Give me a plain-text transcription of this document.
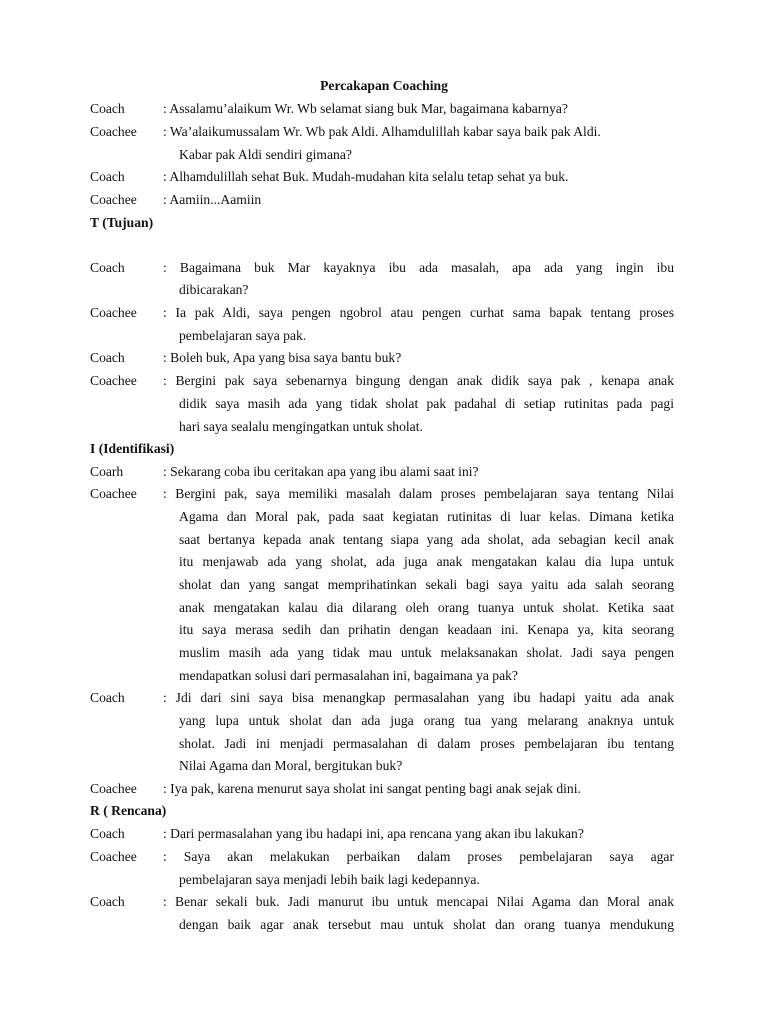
Percakapan Coaching
Coach	: Assalamu’alaikum Wr. Wb selamat siang buk Mar, bagaimana kabarnya?
Coachee : Wa’alaikumussalam Wr. Wb pak Aldi. Alhamdulillah kabar saya baik pak Aldi.
Kabar pak Aldi sendiri gimana?
Coach	: Alhamdulillah sehat Buk. Mudah-mudahan kita selalu tetap sehat ya buk.
Coachee : Aamiin...Aamiin
T (Tujuan)
Coach	: Bagaimana buk Mar kayaknya ibu ada masalah, apa ada yang ingin ibu
dibicarakan?
Coachee : Ia pak Aldi, saya pengen ngobrol atau pengen curhat sama bapak tentang proses
pembelajaran saya pak.
Coach	: Boleh buk, Apa yang bisa saya bantu buk?
Coachee : Berginі pak saya sebenarnya bingung dengan anak didik saya pak , kenapa anak
didik saya masih ada yang tidak sholat pak padahal di setiap rutinitas pada pagi
hari saya sealalu mengingatkan untuk sholat.
I (Identifikasi)
Coarh	: Sekarang coba ibu ceritakan apa yang ibu alami saat ini?
Coachee : Bergini pak, saya memiliki masalah dalam proses pembelajaran saya tentang Nilai
Agama dan Moral pak, pada saat kegiatan rutinitas di luar kelas. Dimana ketika
saat bertanya kepada anak tentang siapa yang ada sholat, ada sebagian kecil anak
itu menjawab ada yang sholat, ada juga anak mengatakan kalau dia lupa untuk
sholat dan yang sangat memprihatinkan sekali bagi saya yaitu ada salah seorang
anak mengatakan kalau dia dilarang oleh orang tuanya untuk sholat. Ketika saat
itu saya merasa sedih dan prihatin dengan keadaan ini. Kenapa ya, kita seorang
muslim masih ada yang tidak mau untuk melaksanakan sholat. Jadi saya pengen
mendapatkan solusi dari permasalahan ini, bagaimana ya pak?
Coach	: Jdi dari sini saya bisa menangkap permasalahan yang ibu hadapi yaitu ada anak
yang lupa untuk sholat dan ada juga orang tua yang melarang anaknya untuk
sholat. Jadi ini menjadi permasalahan di dalam proses pembelajaran ibu tentang
Nilai Agama dan Moral, bergitukan buk?
Coachee : Iya pak, karena menurut saya sholat ini sangat penting bagi anak sejak dini.
R ( Rencana)
Coach	: Dari permasalahan yang ibu hadapi ini, apa rencana yang akan ibu lakukan?
Coachee : Saya akan melakukan perbaikan dalam proses pembelajaran saya agar
pembelajaran saya menjadi lebih baik lagi kedepannya.
Coach	: Benar sekali buk. Jadi manurut ibu untuk mencapai Nilai Agama dan Moral anak
dengan baik agar anak tersebut mau untuk sholat dan orang tuanya mendukung
